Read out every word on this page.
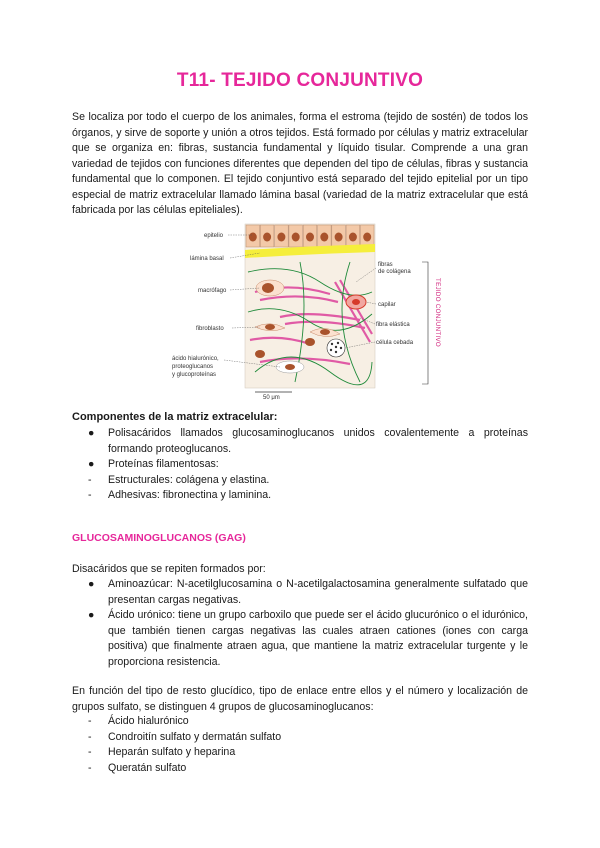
T11- TEJIDO CONJUNTIVO

Se localiza por todo el cuerpo de los animales, forma el estroma (tejido de sostén) de todos los órganos, y sirve de soporte y unión a otros tejidos. Está formado por células y matriz extracelular que se organiza en: fibras, sustancia fundamental y líquido tisular. Comprende a una gran variedad de tejidos con funciones diferentes que dependen del tipo de células, fibras y sustancia fundamental que lo componen. El tejido conjuntivo está separado del tejido epitelial por un tipo especial de matriz extracelular llamado lámina basal (variedad de la matriz extracelular que está fabricada por las células epiteliales).

50 μm
epitelio
lámina basal
macrófago
fibroblasto
ácido hialurónico,
proteoglucanos
y glucoproteínas
fibras
de colágena
capilar
fibra elástica
célula cebada	TEJIDO CONJUNTIVO

Componentes de la matriz extracelular:

●	Polisacáridos llamados glucosaminoglucanos unidos covalentemente a proteínas formando proteoglucanos.
●	Proteínas filamentosas:
-	Estructurales: colágena y elastina.
-	Adhesivas: fibronectina y laminina.

GLUCOSAMINOGLUCANOS (GAG)

Disacáridos que se repiten formados por:

●	Aminoazúcar: N-acetilglucosamina o N-acetilgalactosamina generalmente sulfatado que presentan cargas negativas.
●	Ácido urónico: tiene un grupo carboxilo que puede ser el ácido glucurónico o el idurónico, que también tienen cargas negativas las cuales atraen cationes (iones con carga positiva) que finalmente atraen agua, que mantiene la matriz extracelular turgente y le proporciona resistencia.

En función del tipo de resto glucídico, tipo de enlace entre ellos y el número y localización de grupos sulfato, se distinguen 4 grupos de glucosaminoglucanos:

-	Ácido hialurónico
-	Condroitín sulfato y dermatán sulfato
-	Heparán sulfato y heparina
-	Queratán sulfato
